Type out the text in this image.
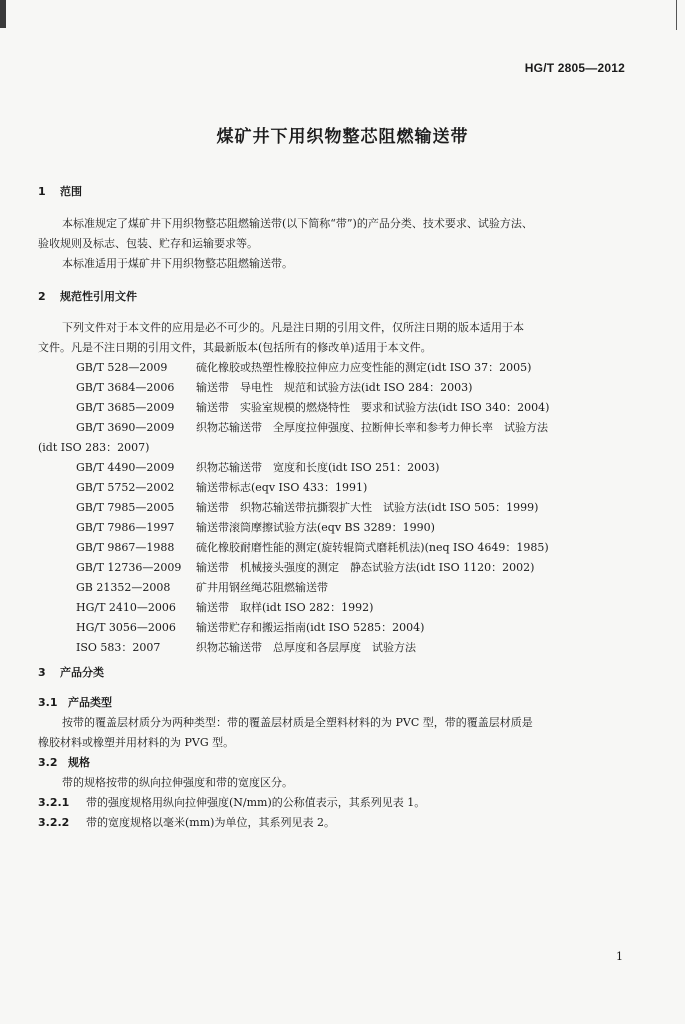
HG/T 2805—2012
煤矿井下用织物整芯阻燃输送带
1 范围
本标准规定了煤矿井下用织物整芯阻燃输送带(以下简称“带”)的产品分类、技术要求、试验方法、
验收规则及标志、包装、贮存和运输要求等。
本标准适用于煤矿井下用织物整芯阻燃输送带。
2 规范性引用文件
下列文件对于本文件的应用是必不可少的。凡是注日期的引用文件，仅所注日期的版本适用于本
文件。凡是不注日期的引用文件，其最新版本(包括所有的修改单)适用于本文件。
GB/T 528—2009	硫化橡胶或热塑性橡胶拉伸应力应变性能的测定(idt ISO 37：2005)
GB/T 3684—2006	输送带　导电性　规范和试验方法(idt ISO 284：2003)
GB/T 3685—2009	输送带　实验室规模的燃烧特性　要求和试验方法(idt ISO 340：2004)
GB/T 3690—2009	织物芯输送带　全厚度拉伸强度、拉断伸长率和参考力伸长率　试验方法
(idt ISO 283：2007)
GB/T 4490—2009	织物芯输送带　宽度和长度(idt ISO 251：2003)
GB/T 5752—2002	输送带标志(eqv ISO 433：1991)
GB/T 7985—2005	输送带　织物芯输送带抗撕裂扩大性　试验方法(idt ISO 505：1999)
GB/T 7986—1997	输送带滚筒摩擦试验方法(eqv BS 3289：1990)
GB/T 9867—1988	硫化橡胶耐磨性能的测定(旋转辊筒式磨耗机法)(neq ISO 4649：1985)
GB/T 12736—2009	输送带　机械接头强度的测定　静态试验方法(idt ISO 1120：2002)
GB 21352—2008	矿井用钢丝绳芯阻燃输送带
HG/T 2410—2006	输送带　取样(idt ISO 282：1992)
HG/T 3056—2006	输送带贮存和搬运指南(idt ISO 5285：2004)
ISO 583：2007	织物芯输送带　总厚度和各层厚度　试验方法
3 产品分类
3.1 产品类型
按带的覆盖层材质分为两种类型：带的覆盖层材质是全塑料材料的为 PVC 型，带的覆盖层材质是
橡胶材料或橡塑并用材料的为 PVG 型。
3.2 规格
带的规格按带的纵向拉伸强度和带的宽度区分。
3.2.1 带的强度规格用纵向拉伸强度(N/mm)的公称值表示，其系列见表 1。
3.2.2 带的宽度规格以毫米(mm)为单位，其系列见表 2。
1
